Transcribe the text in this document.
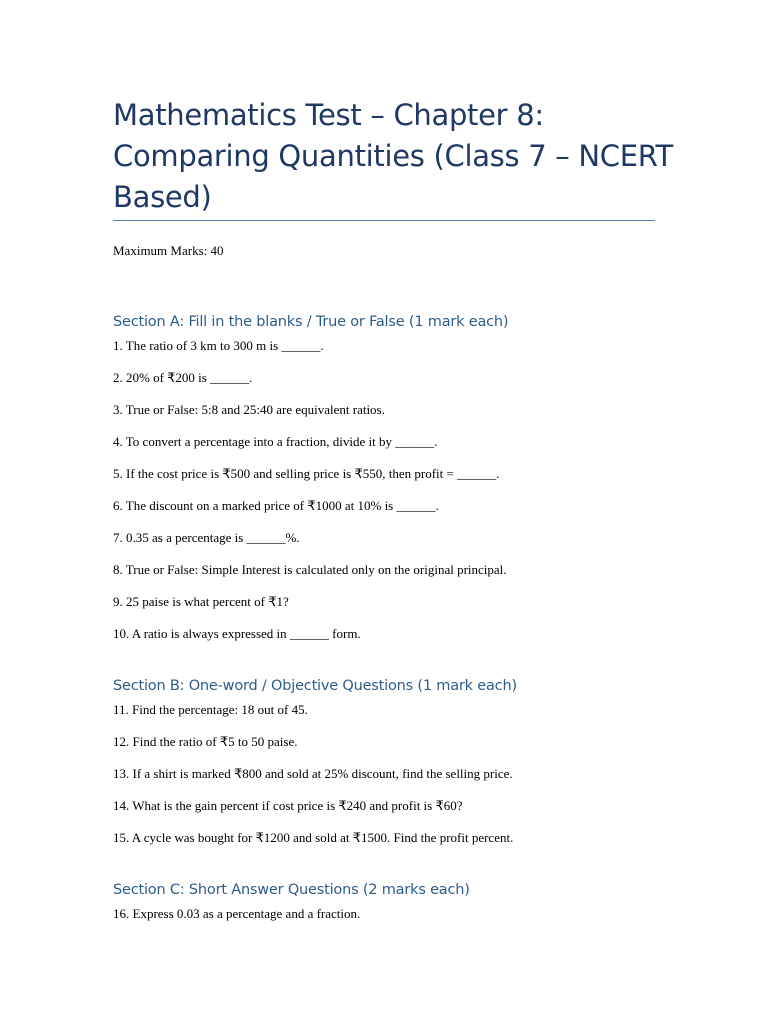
Mathematics Test – Chapter 8: Comparing Quantities (Class 7 – NCERT Based)

Maximum Marks: 40

Section A: Fill in the blanks / True or False (1 mark each)

1. The ratio of 3 km to 300 m is ______.

2. 20% of ₹200 is ______.

3. True or False: 5:8 and 25:40 are equivalent ratios.

4. To convert a percentage into a fraction, divide it by ______.

5. If the cost price is ₹500 and selling price is ₹550, then profit = ______.

6. The discount on a marked price of ₹1000 at 10% is ______.

7. 0.35 as a percentage is ______%.

8. True or False: Simple Interest is calculated only on the original principal.

9. 25 paise is what percent of ₹1?

10. A ratio is always expressed in ______ form.

Section B: One-word / Objective Questions (1 mark each)

11. Find the percentage: 18 out of 45.

12. Find the ratio of ₹5 to 50 paise.

13. If a shirt is marked ₹800 and sold at 25% discount, find the selling price.

14. What is the gain percent if cost price is ₹240 and profit is ₹60?

15. A cycle was bought for ₹1200 and sold at ₹1500. Find the profit percent.

Section C: Short Answer Questions (2 marks each)

16. Express 0.03 as a percentage and a fraction.
